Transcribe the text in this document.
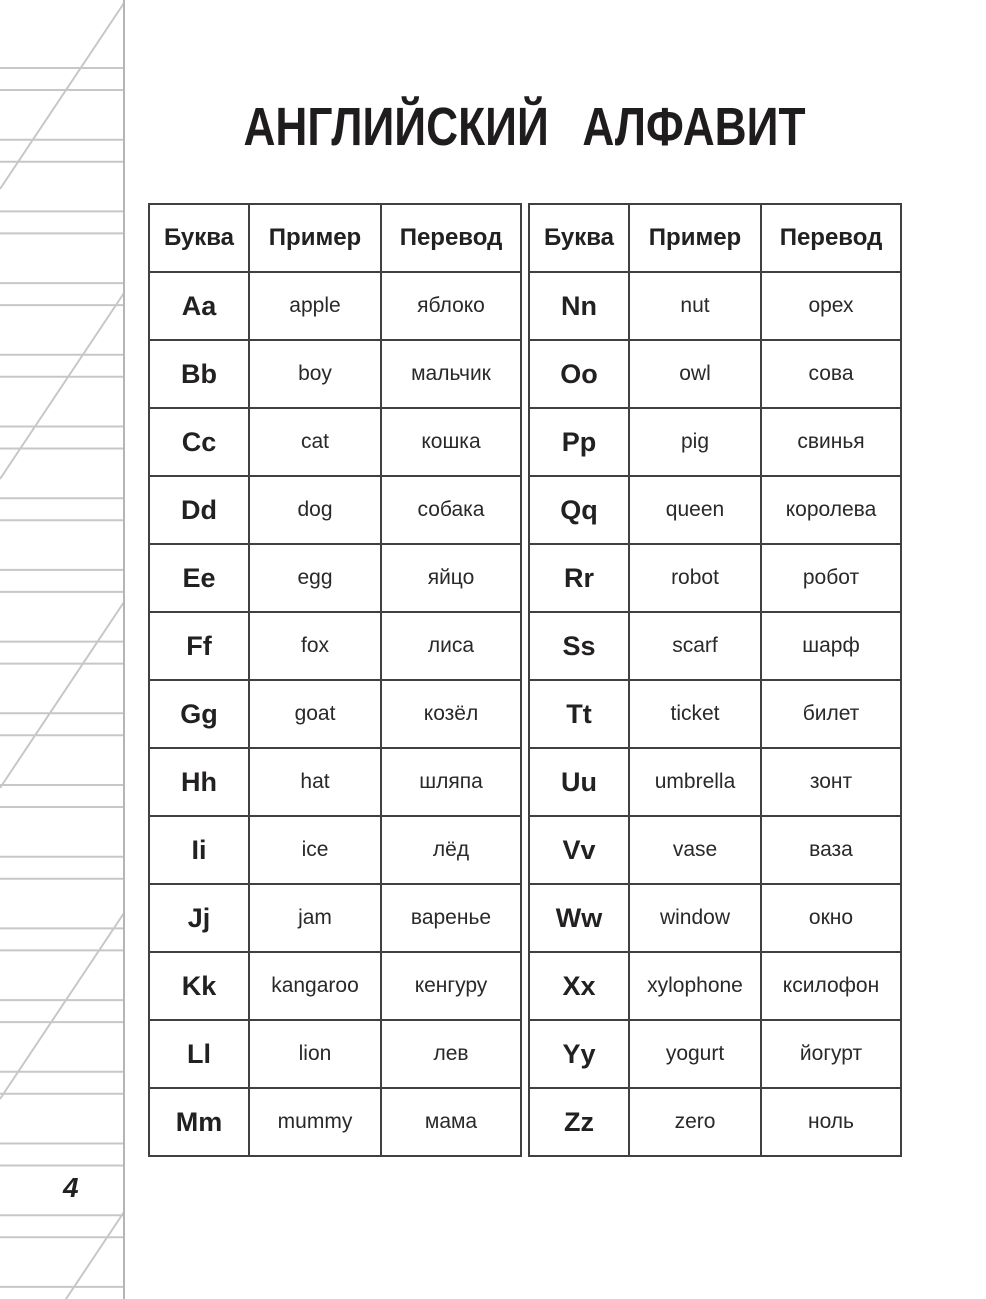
АНГЛИЙСКИЙ АЛФАВИТ
Буква	Пример	Перевод
Aa	apple	яблоко
Bb	boy	мальчик
Cc	cat	кошка
Dd	dog	собака
Ee	egg	яйцо
Ff	fox	лиса
Gg	goat	козёл
Hh	hat	шляпа
Ii	ice	лёд
Jj	jam	варенье
Kk	kangaroo	кенгуру
Ll	lion	лев
Mm	mummy	мама
Буква	Пример	Перевод
Nn	nut	орех
Oo	owl	сова
Pp	pig	свинья
Qq	queen	королева
Rr	robot	робот
Ss	scarf	шарф
Tt	ticket	билет
Uu	umbrella	зонт
Vv	vase	ваза
Ww	window	окно
Xx	xylophone	ксилофон
Yy	yogurt	йогурт
Zz	zero	ноль
4
